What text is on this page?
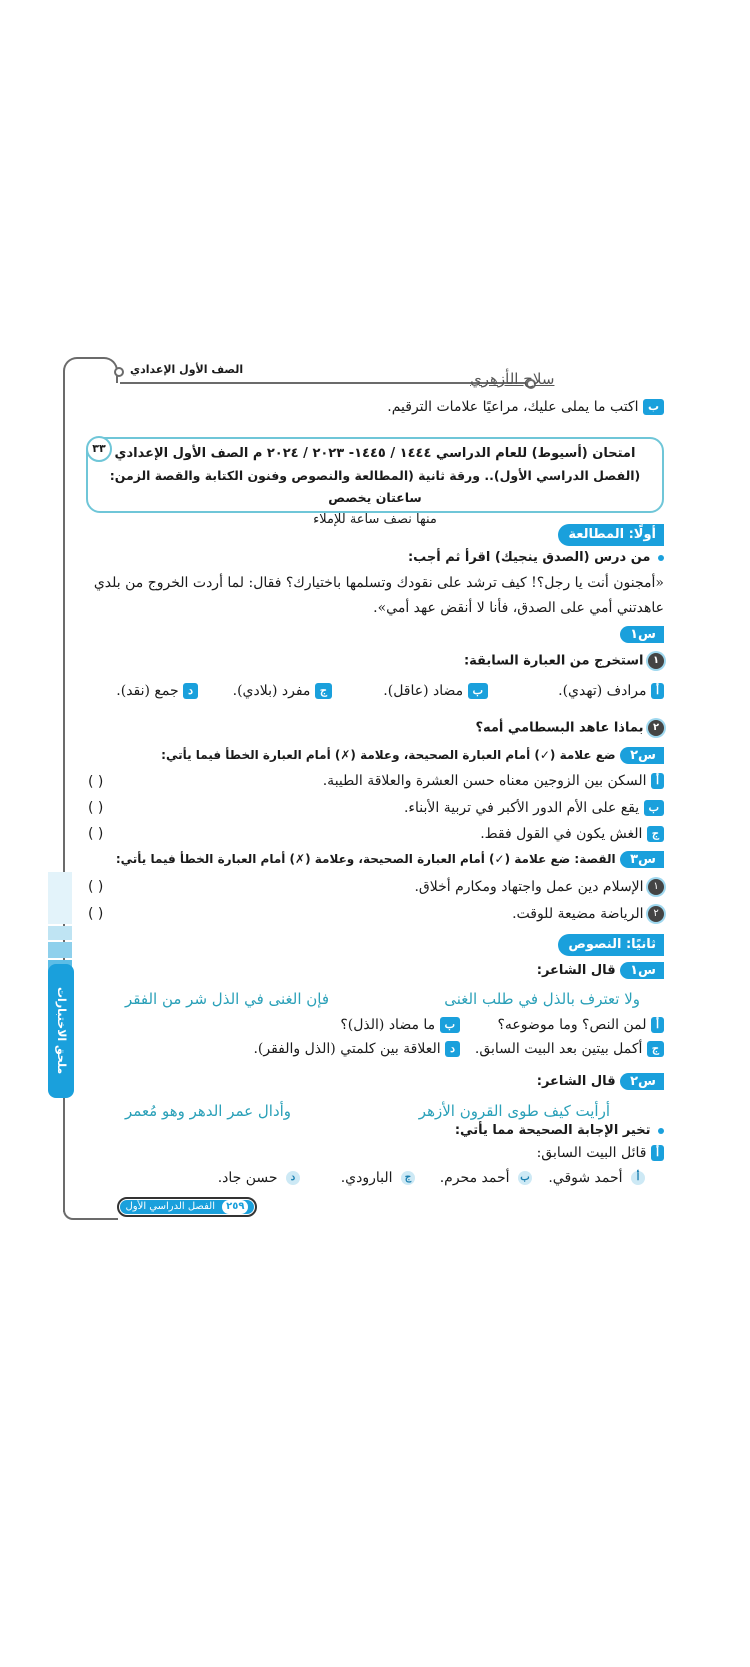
الصف الأول الإعدادي
سلاح الأزهري
ب اكتب ما يملى عليك، مراعيًا علامات الترقيم.
امتحان (أسيوط) للعام الدراسي ١٤٤٤ / ١٤٤٥- ٢٠٢٣ / ٢٠٢٤ م الصف الأول الإعدادي
(الفصل الدراسي الأول).. ورقة ثانية (المطالعة والنصوص وفنون الكتابة والقصة الزمن: ساعتان يخصص
منها نصف ساعة للإملاء
٣٣
أولًا: المطالعة
من درس (الصدق ينجيك) اقرأ ثم أجب:
«أمجنون أنت يا رجل؟! كيف ترشد على نقودك وتسلمها باختيارك؟ فقال: لما أردت الخروج من بلدي
عاهدتني أمي على الصدق، فأنا لا أنقض عهد أمي».
س١
١ استخرج من العبارة السابقة:
أ مرادف (تهدي).
ب مضاد (عاقل).
ج مفرد (بلادي).
د جمع (نقد).
٢ بماذا عاهد البسطامي أمه؟
س٢ ضع علامة (✓) أمام العبارة الصحيحة، وعلامة (✗) أمام العبارة الخطأ فيما يأتي:
أ السكن بين الزوجين معناه حسن العشرة والعلاقة الطيبة.
ب يقع على الأم الدور الأكبر في تربية الأبناء.
ج الغش يكون في القول فقط.
( )
( )
( )
س٣ القصة: ضع علامة (✓) أمام العبارة الصحيحة، وعلامة (✗) أمام العبارة الخطأ فيما يأتي:
١ الإسلام دين عمل واجتهاد ومكارم أخلاق.
٢ الرياضة مضيعة للوقت.
( )
( )
ثانيًا: النصوص
س١ قال الشاعر:
ولا تعترف بالذل في طلب الغنى
فإن الغنى في الذل شر من الفقر
أ لمن النص؟ وما موضوعه؟
ب ما مضاد (الذل)؟
ج أكمل بيتين بعد البيت السابق.
د العلاقة بين كلمتي (الذل والفقر).
س٢ قال الشاعر:
أرأيت كيف طوى القرون الأزهر
وأدال عمر الدهر وهو مُعمر
تخير الإجابة الصحيحة مما يأتي:
أ قائل البيت السابق:
أ أحمد شوقي.
ب أحمد محرم.
ج البارودي.
د حسن جاد.
ملحق الاختبارات
٢٥٩ الفصل الدراسي الأول
